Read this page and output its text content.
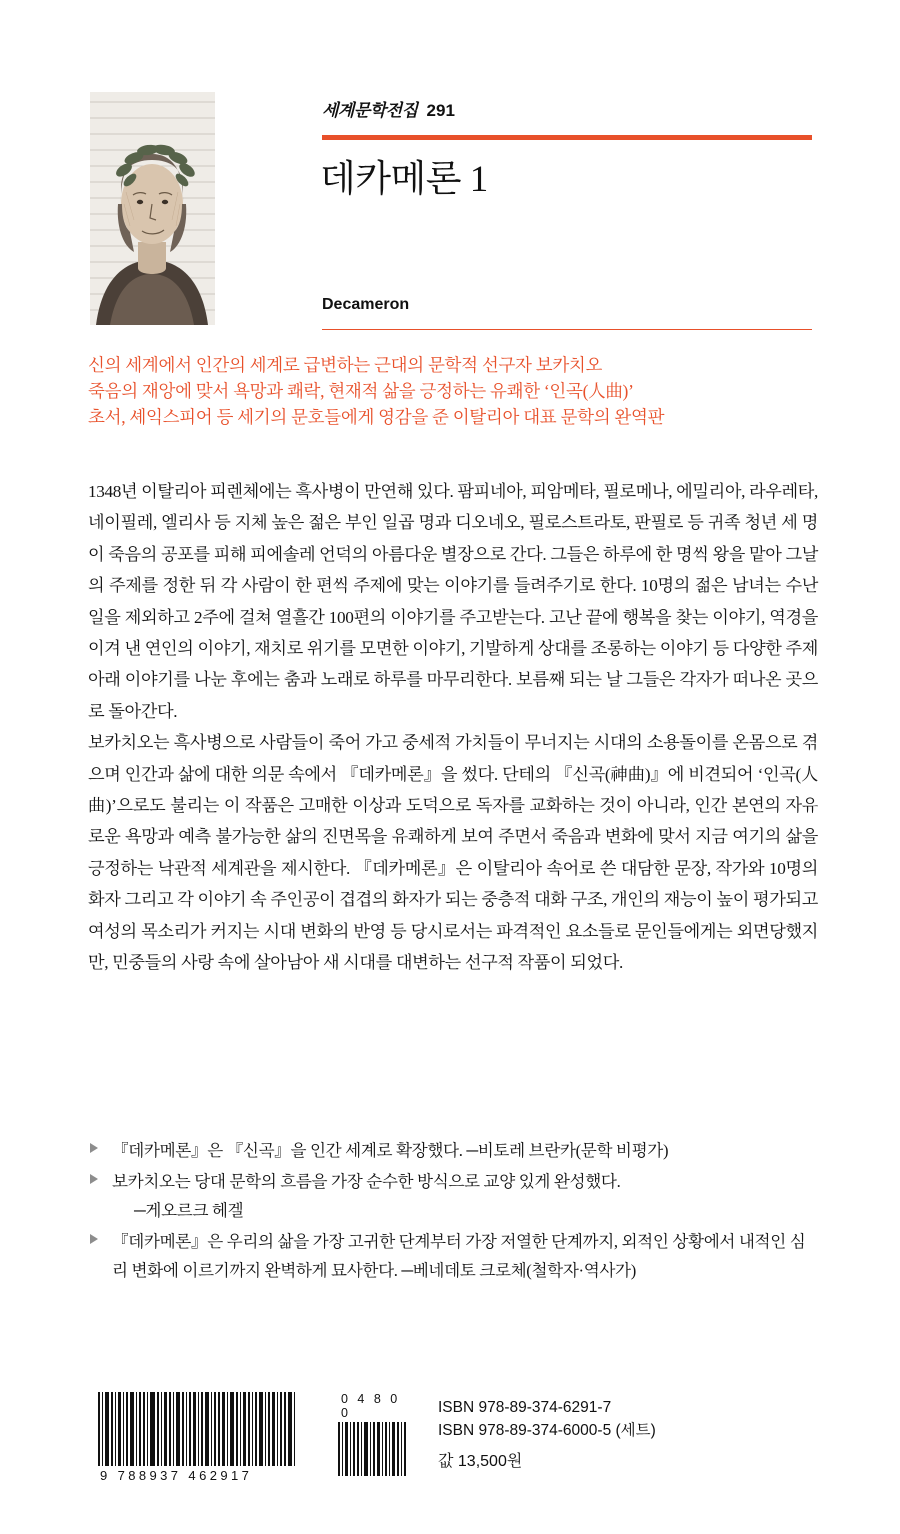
세계문학전집 291
데카메론 1
Decameron
신의 세계에서 인간의 세계로 급변하는 근대의 문학적 선구자 보카치오
죽음의 재앙에 맞서 욕망과 쾌락, 현재적 삶을 긍정하는 유쾌한 ‘인곡(人曲)’
초서, 셰익스피어 등 세기의 문호들에게 영감을 준 이탈리아 대표 문학의 완역판

1348년 이탈리아 피렌체에는 흑사병이 만연해 있다. 팜피네아, 피암메타, 필로메나, 에밀리아, 라우레타, 네이필레, 엘리사 등 지체 높은 젊은 부인 일곱 명과 디오네오, 필로스트라토, 판필로 등 귀족 청년 세 명이 죽음의 공포를 피해 피에솔레 언덕의 아름다운 별장으로 간다. 그들은 하루에 한 명씩 왕을 맡아 그날의 주제를 정한 뒤 각 사람이 한 편씩 주제에 맞는 이야기를 들려주기로 한다. 10명의 젊은 남녀는 수난일을 제외하고 2주에 걸쳐 열흘간 100편의 이야기를 주고받는다. 고난 끝에 행복을 찾는 이야기, 역경을 이겨 낸 연인의 이야기, 재치로 위기를 모면한 이야기, 기발하게 상대를 조롱하는 이야기 등 다양한 주제 아래 이야기를 나눈 후에는 춤과 노래로 하루를 마무리한다. 보름째 되는 날 그들은 각자가 떠나온 곳으로 돌아간다.

보카치오는 흑사병으로 사람들이 죽어 가고 중세적 가치들이 무너지는 시대의 소용돌이를 온몸으로 겪으며 인간과 삶에 대한 의문 속에서 『데카메론』을 썼다. 단테의 『신곡(神曲)』에 비견되어 ‘인곡(人曲)’으로도 불리는 이 작품은 고매한 이상과 도덕으로 독자를 교화하는 것이 아니라, 인간 본연의 자유로운 욕망과 예측 불가능한 삶의 진면목을 유쾌하게 보여 주면서 죽음과 변화에 맞서 지금 여기의 삶을 긍정하는 낙관적 세계관을 제시한다. 『데카메론』은 이탈리아 속어로 쓴 대담한 문장, 작가와 10명의 화자 그리고 각 이야기 속 주인공이 겹겹의 화자가 되는 중층적 대화 구조, 개인의 재능이 높이 평가되고 여성의 목소리가 커지는 시대 변화의 반영 등 당시로서는 파격적인 요소들로 문인들에게는 외면당했지만, 민중들의 사랑 속에 살아남아 새 시대를 대변하는 선구적 작품이 되었다.

『데카메론』은 『신곡』을 인간 세계로 확장했다. ─비토레 브란카(문학 비평가)
보카치오는 당대 문학의 흐름을 가장 순수한 방식으로 교양 있게 완성했다.
─게오르크 헤겔
『데카메론』은 우리의 삶을 가장 고귀한 단계부터 가장 저열한 단계까지, 외적인 상황에서 내적인 심리 변화에 이르기까지 완벽하게 묘사한다. ─베네데토 크로체(철학자·역사가)
9 788937 462917
0 4 8 0 0	ISBN 978-89-374-6291-7
ISBN 978-89-374-6000-5 (세트)
값 13,500원
